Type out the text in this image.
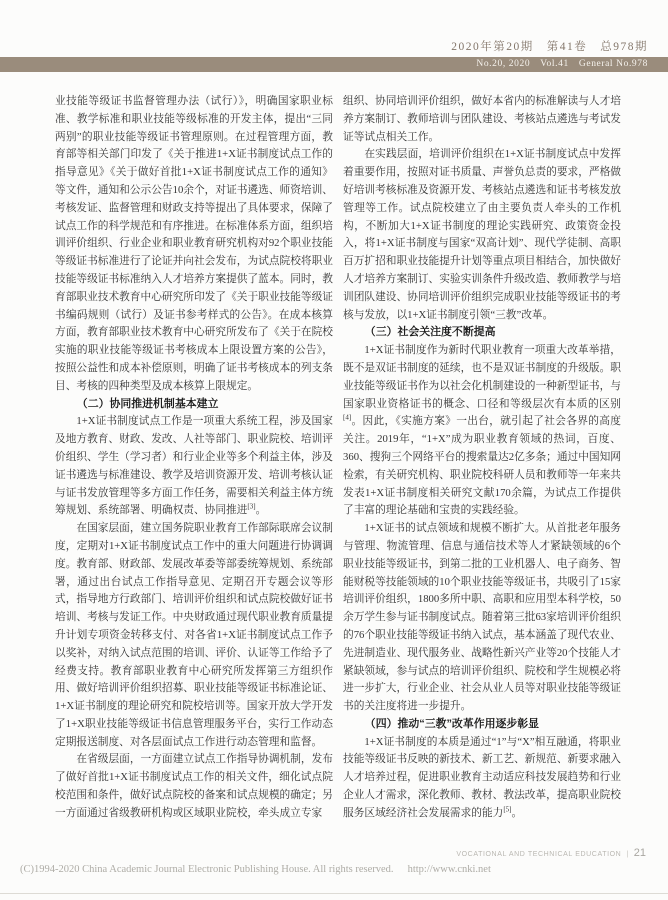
2020年第20期　第41卷　总978期
No.20, 2020　Vol.41　General No.978

业技能等级证书监督管理办法（试行）》，明确国家职业标准、教学标准和职业技能等级标准的开发主体，提出“三同两别”的职业技能等级证书管理原则。在过程管理方面，教育部等相关部门印发了《关于推进1+X证书制度试点工作的指导意见》《关于做好首批1+X证书制度试点工作的通知》等文件，通知和公示公告10余个，对证书遴选、师资培训、考核发证、监督管理和财政支持等提出了具体要求，保障了试点工作的科学规范和有序推进。在标准体系方面，组织培训评价组织、行业企业和职业教育研究机构对92个职业技能等级证书标准进行了论证并向社会发布，为试点院校将职业技能等级证书标准纳入人才培养方案提供了蓝本。同时，教育部职业技术教育中心研究所印发了《关于职业技能等级证书编码规则（试行）及证书参考样式的公告》。在成本核算方面，教育部职业技术教育中心研究所发布了《关于在院校实施的职业技能等级证书考核成本上限设置方案的公告》，按照公益性和成本补偿原则，明确了证书考核成本的列支条目、考核的四种类型及成本核算上限规定。

（二）协同推进机制基本建立

1+X证书制度试点工作是一项重大系统工程，涉及国家及地方教育、财政、发改、人社等部门、职业院校、培训评价组织、学生（学习者）和行业企业等多个利益主体，涉及证书遴选与标准建设、教学及培训资源开发、培训考核认证与证书发放管理等多方面工作任务，需要相关利益主体方统筹规划、系统部署、明确权责、协同推进[3]。

在国家层面，建立国务院职业教育工作部际联席会议制度，定期对1+X证书制度试点工作中的重大问题进行协调调度。教育部、财政部、发展改革委等部委统筹规划、系统部署，通过出台试点工作指导意见、定期召开专题会议等形式，指导地方行政部门、培训评价组织和试点院校做好证书培训、考核与发证工作。中央财政通过现代职业教育质量提升计划专项资金转移支付、对各省1+X证书制度试点工作予以奖补，对纳入试点范围的培训、评价、认证等工作给予了经费支持。教育部职业教育中心研究所发挥第三方组织作用、做好培训评价组织招募、职业技能等级证书标准论证、1+X证书制度的理论研究和院校培训等。国家开放大学开发了1+X职业技能等级证书信息管理服务平台，实行工作动态定期报送制度、对各层面试点工作进行动态管理和监督。

在省级层面，一方面建立试点工作指导协调机制，发布了做好首批1+X证书制度试点工作的相关文件，细化试点院校范围和条件，做好试点院校的备案和试点规模的确定；另一方面通过省级教研机构或区域职业院校，牵头成立专家

组织、协同培训评价组织，做好本省内的标准解读与人才培养方案制订、教师培训与团队建设、考核站点遴选与考试发证等试点相关工作。

在实践层面，培训评价组织在1+X证书制度试点中发挥着重要作用，按照对证书质量、声誉负总责的要求，严格做好培训考核标准及资源开发、考核站点遴选和证书考核发放管理等工作。试点院校建立了由主要负责人牵头的工作机构，不断加大1+X证书制度的理论实践研究、政策资金投入，将1+X证书制度与国家“双高计划”、现代学徒制、高职百万扩招和职业技能提升计划等重点项目相结合，加快做好人才培养方案制订、实验实训条件升级改造、教师教学与培训团队建设、协同培训评价组织完成职业技能等级证书的考核与发放，以1+X证书制度引领“三教”改革。

（三）社会关注度不断提高

1+X证书制度作为新时代职业教育一项重大改革举措，既不是双证书制度的延续，也不是双证书制度的升级版。职业技能等级证书作为以社会化机制建设的一种新型证书，与国家职业资格证书的概念、口径和等级层次有本质的区别[4]。因此，《实施方案》一出台，就引起了社会各界的高度关注。2019年，“1+X”成为职业教育领域的热词，百度、360、搜狗三个网络平台的搜索量达2亿多条；通过中国知网检索，有关研究机构、职业院校科研人员和教师等一年来共发表1+X证书制度相关研究文献170余篇，为试点工作提供了丰富的理论基础和宝贵的实践经验。

1+X证书的试点领域和规模不断扩大。从首批老年服务与管理、物流管理、信息与通信技术等人才紧缺领域的6个职业技能等级证书，到第二批的工业机器人、电子商务、智能财税等技能领域的10个职业技能等级证书，共吸引了15家培训评价组织，1800多所中职、高职和应用型本科学校，50余万学生参与证书制度试点。随着第三批63家培训评价组织的76个职业技能等级证书纳入试点，基本涵盖了现代农业、先进制造业、现代服务业、战略性新兴产业等20个技能人才紧缺领域，参与试点的培训评价组织、院校和学生规模必将进一步扩大，行业企业、社会从业人员等对职业技能等级证书的关注度将进一步提升。

（四）推动“三教”改革作用逐步彰显

1+X证书制度的本质是通过“1”与“X”相互融通，将职业技能等级证书反映的新技术、新工艺、新规范、新要求融入人才培养过程，促进职业教育主动适应科技发展趋势和行业企业人才需求，深化教师、教材、教法改革，提高职业院校服务区域经济社会发展需求的能力[5]。

VOCATIONAL AND TECHNICAL EDUCATION | 21
(C)1994-2020 China Academic Journal Electronic Publishing House. All rights reserved. http://www.cnki.net
